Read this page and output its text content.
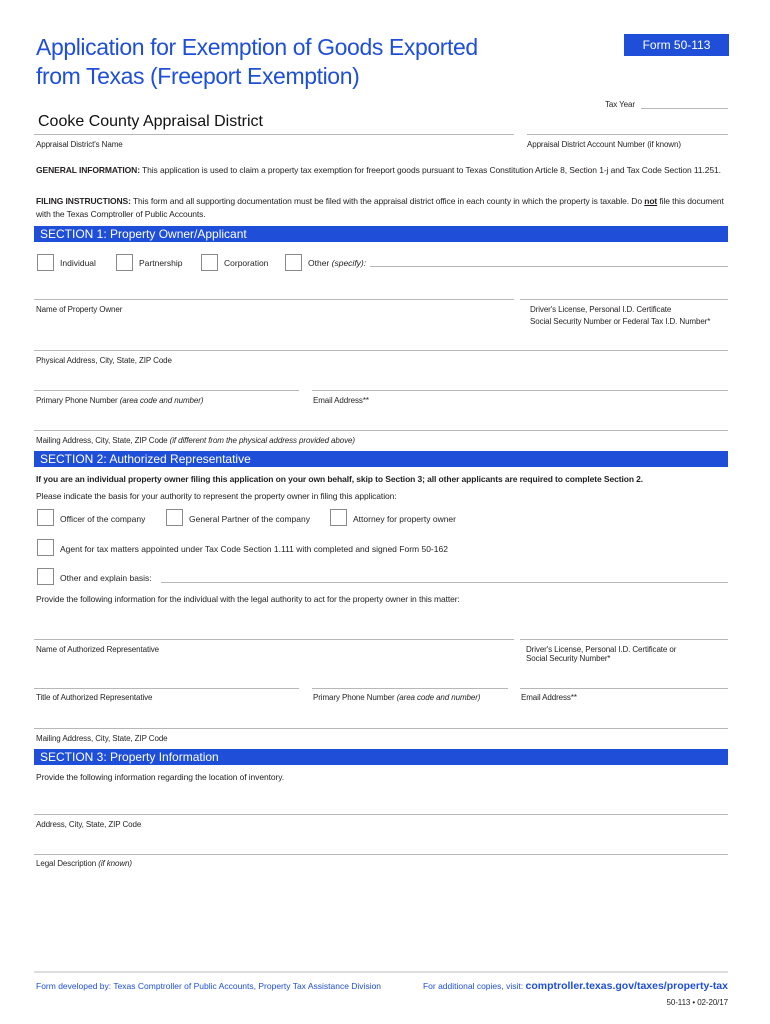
Application for Exemption of Goods Exported
from Texas (Freeport Exemption)
Form 50-113
Tax Year
Cooke County Appraisal District
Appraisal District's Name	Appraisal District Account Number (if known)
GENERAL INFORMATION: This application is used to claim a property tax exemption for freeport goods pursuant to Texas Constitution Article 8, Section 1-j and Tax Code Section 11.251.
FILING INSTRUCTIONS: This form and all supporting documentation must be filed with the appraisal district office in each county in which the property is taxable. Do not file this document with the Texas Comptroller of Public Accounts.
SECTION 1: Property Owner/Applicant
Individual	Partnership	Corporation	Other (specify):
Name of Property Owner	Driver's License, Personal I.D. Certificate
Social Security Number or Federal Tax I.D. Number*
Physical Address, City, State, ZIP Code
Primary Phone Number (area code and number)	Email Address**
Mailing Address, City, State, ZIP Code (if different from the physical address provided above)
SECTION 2: Authorized Representative
If you are an individual property owner filing this application on your own behalf, skip to Section 3; all other applicants are required to complete Section 2.
Please indicate the basis for your authority to represent the property owner in filing this application:
Officer of the company	General Partner of the company	Attorney for property owner
Agent for tax matters appointed under Tax Code Section 1.111 with completed and signed Form 50-162
Other and explain basis:
Provide the following information for the individual with the legal authority to act for the property owner in this matter:
Name of Authorized Representative	Driver's License, Personal I.D. Certificate or
Social Security Number*
Title of Authorized Representative	Primary Phone Number (area code and number)	Email Address**
Mailing Address, City, State, ZIP Code
SECTION 3: Property Information
Provide the following information regarding the location of inventory.
Address, City, State, ZIP Code
Legal Description (if known)
Form developed by: Texas Comptroller of Public Accounts, Property Tax Assistance Division	For additional copies, visit: comptroller.texas.gov/taxes/property-tax
50-113 • 02-20/17
